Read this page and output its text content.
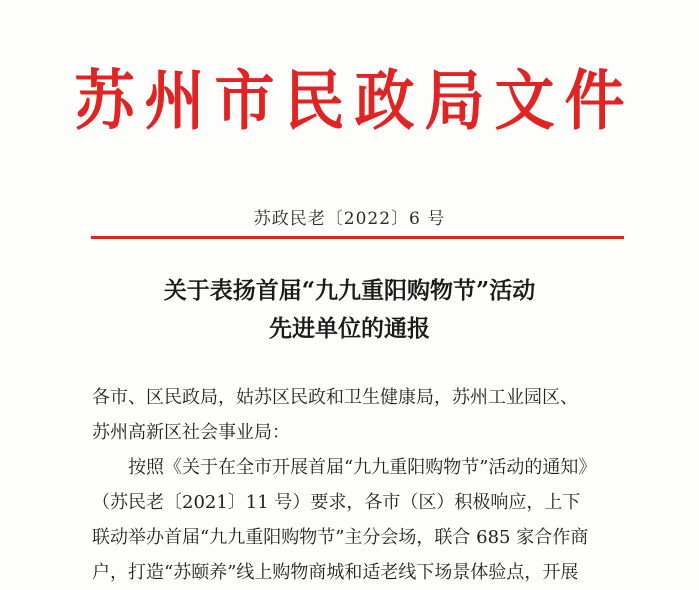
苏州市民政局文件
苏政民老〔2022〕6 号
关于表扬首届“九九重阳购物节”活动
先进单位的通报
各市、区民政局，姑苏区民政和卫生健康局，苏州工业园区、
苏州高新区社会事业局：
按照《关于在全市开展首届“九九重阳购物节”活动的通知》
（苏民老〔2021〕11 号）要求，各市（区）积极响应，上下
联动举办首届“九九重阳购物节”主分会场，联合 685 家合作商
户，打造“苏颐养”线上购物商城和适老线下场景体验点，开展
